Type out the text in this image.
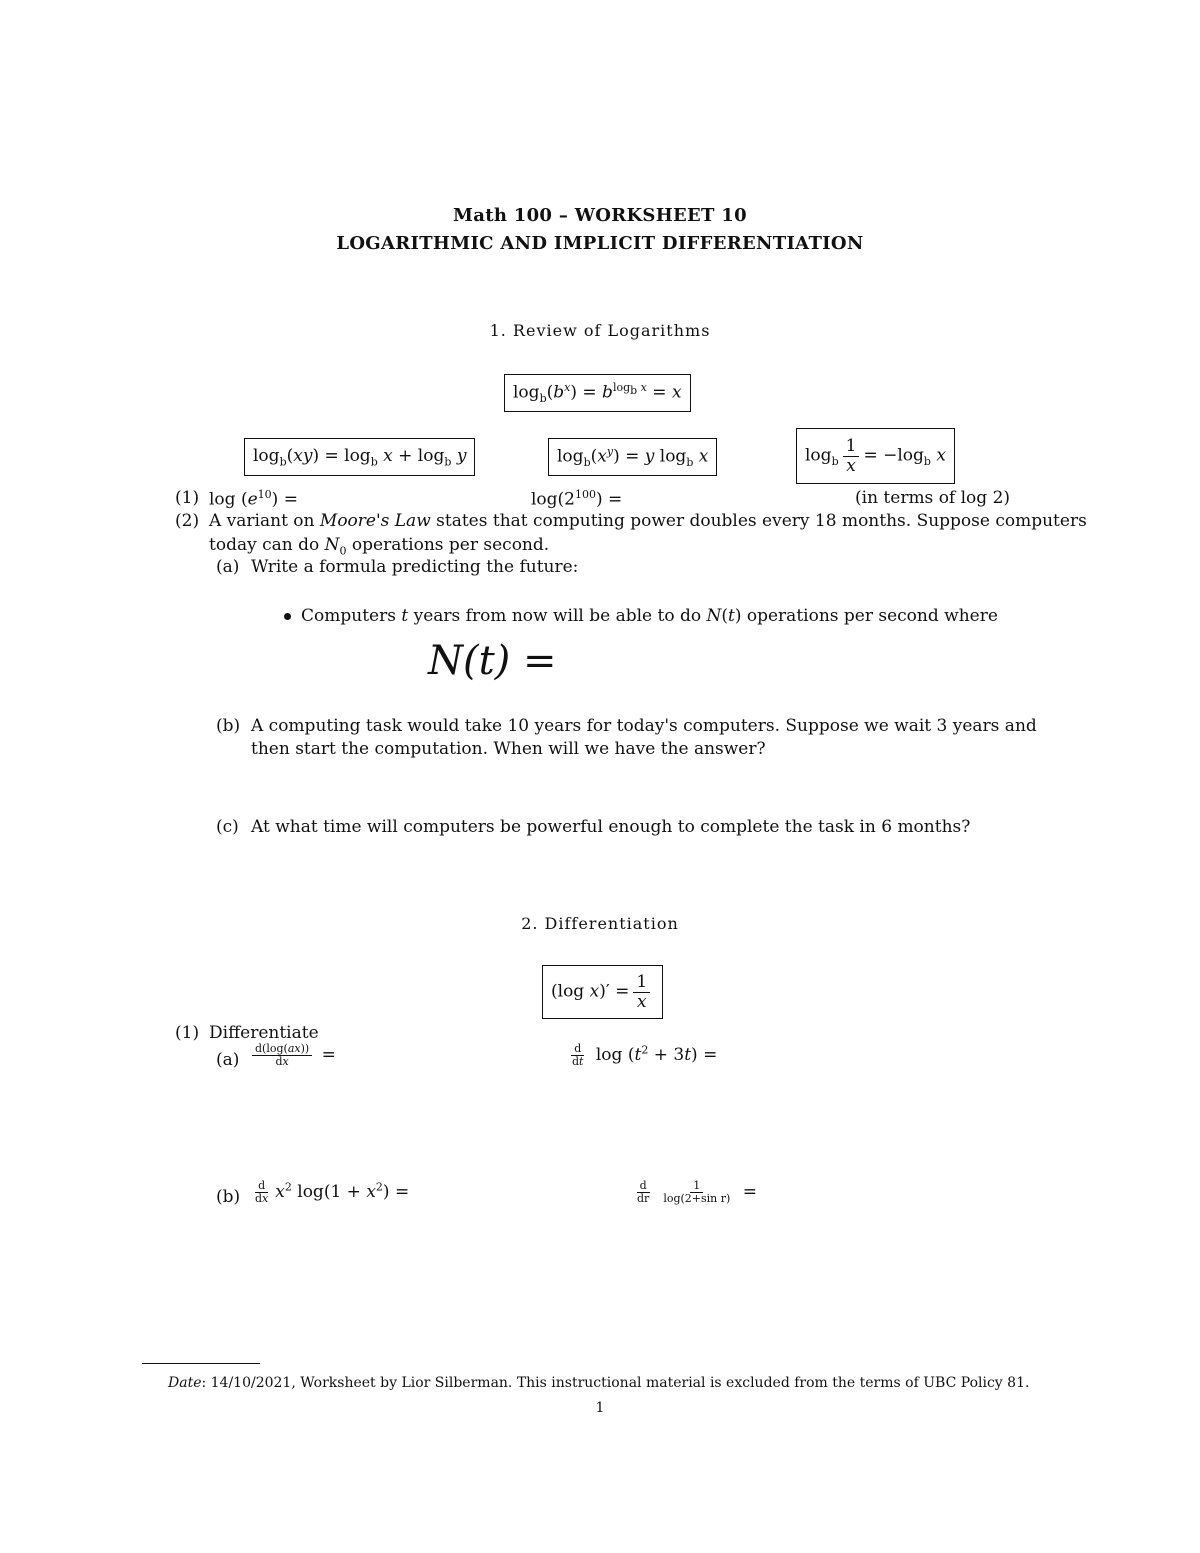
Math 100 – WORKSHEET 10
LOGARITHMIC AND IMPLICIT DIFFERENTIATION
1. Review of Logarithms
$\log_b(b^x) = b^{log_b x} = x$
$\log_b(xy) = \log_b x + \log_b y$	$\log_b(x^y) = y$ $\log_b x$	$\log_b \frac{1}{x} = -\log_b$ x
(1) $\log (e^{10})$ =	$\log(2^{100})$ =	(in terms of log 2)
(2) A variant on Moore's Law states that computing power doubles every 18 months. Suppose computers
today can do $N_0$ operations per second.
(a) Write a formula predicting the future:
Computers t years from now will be able to do N(t) operations per second where
N(t) =
(b) A computing task would take 10 years for today's computers. Suppose we wait 3 years and
then start the computation. When will we have the answer?
(c) At what time will computers be powerful enough to complete the task in 6 months?
2. Differentiation
(log $x)' = \frac{1}{x}$
(1) Differentiate
$(a) \frac{d(\log(ax))}{dx}$ =	$\frac{d}{dt}$ $\log (t^2 + 3t)$ =
$(b) \frac{d}{dx} x^2$ $\log(1 + x^2)$ =	$\frac{d}{dr} \frac{1}{\text{log(2+sin r)}}$ =
Date: 14/10/2021, Worksheet by Lior Silberman. This instructional material is excluded from the terms of UBC Policy 81.
1
